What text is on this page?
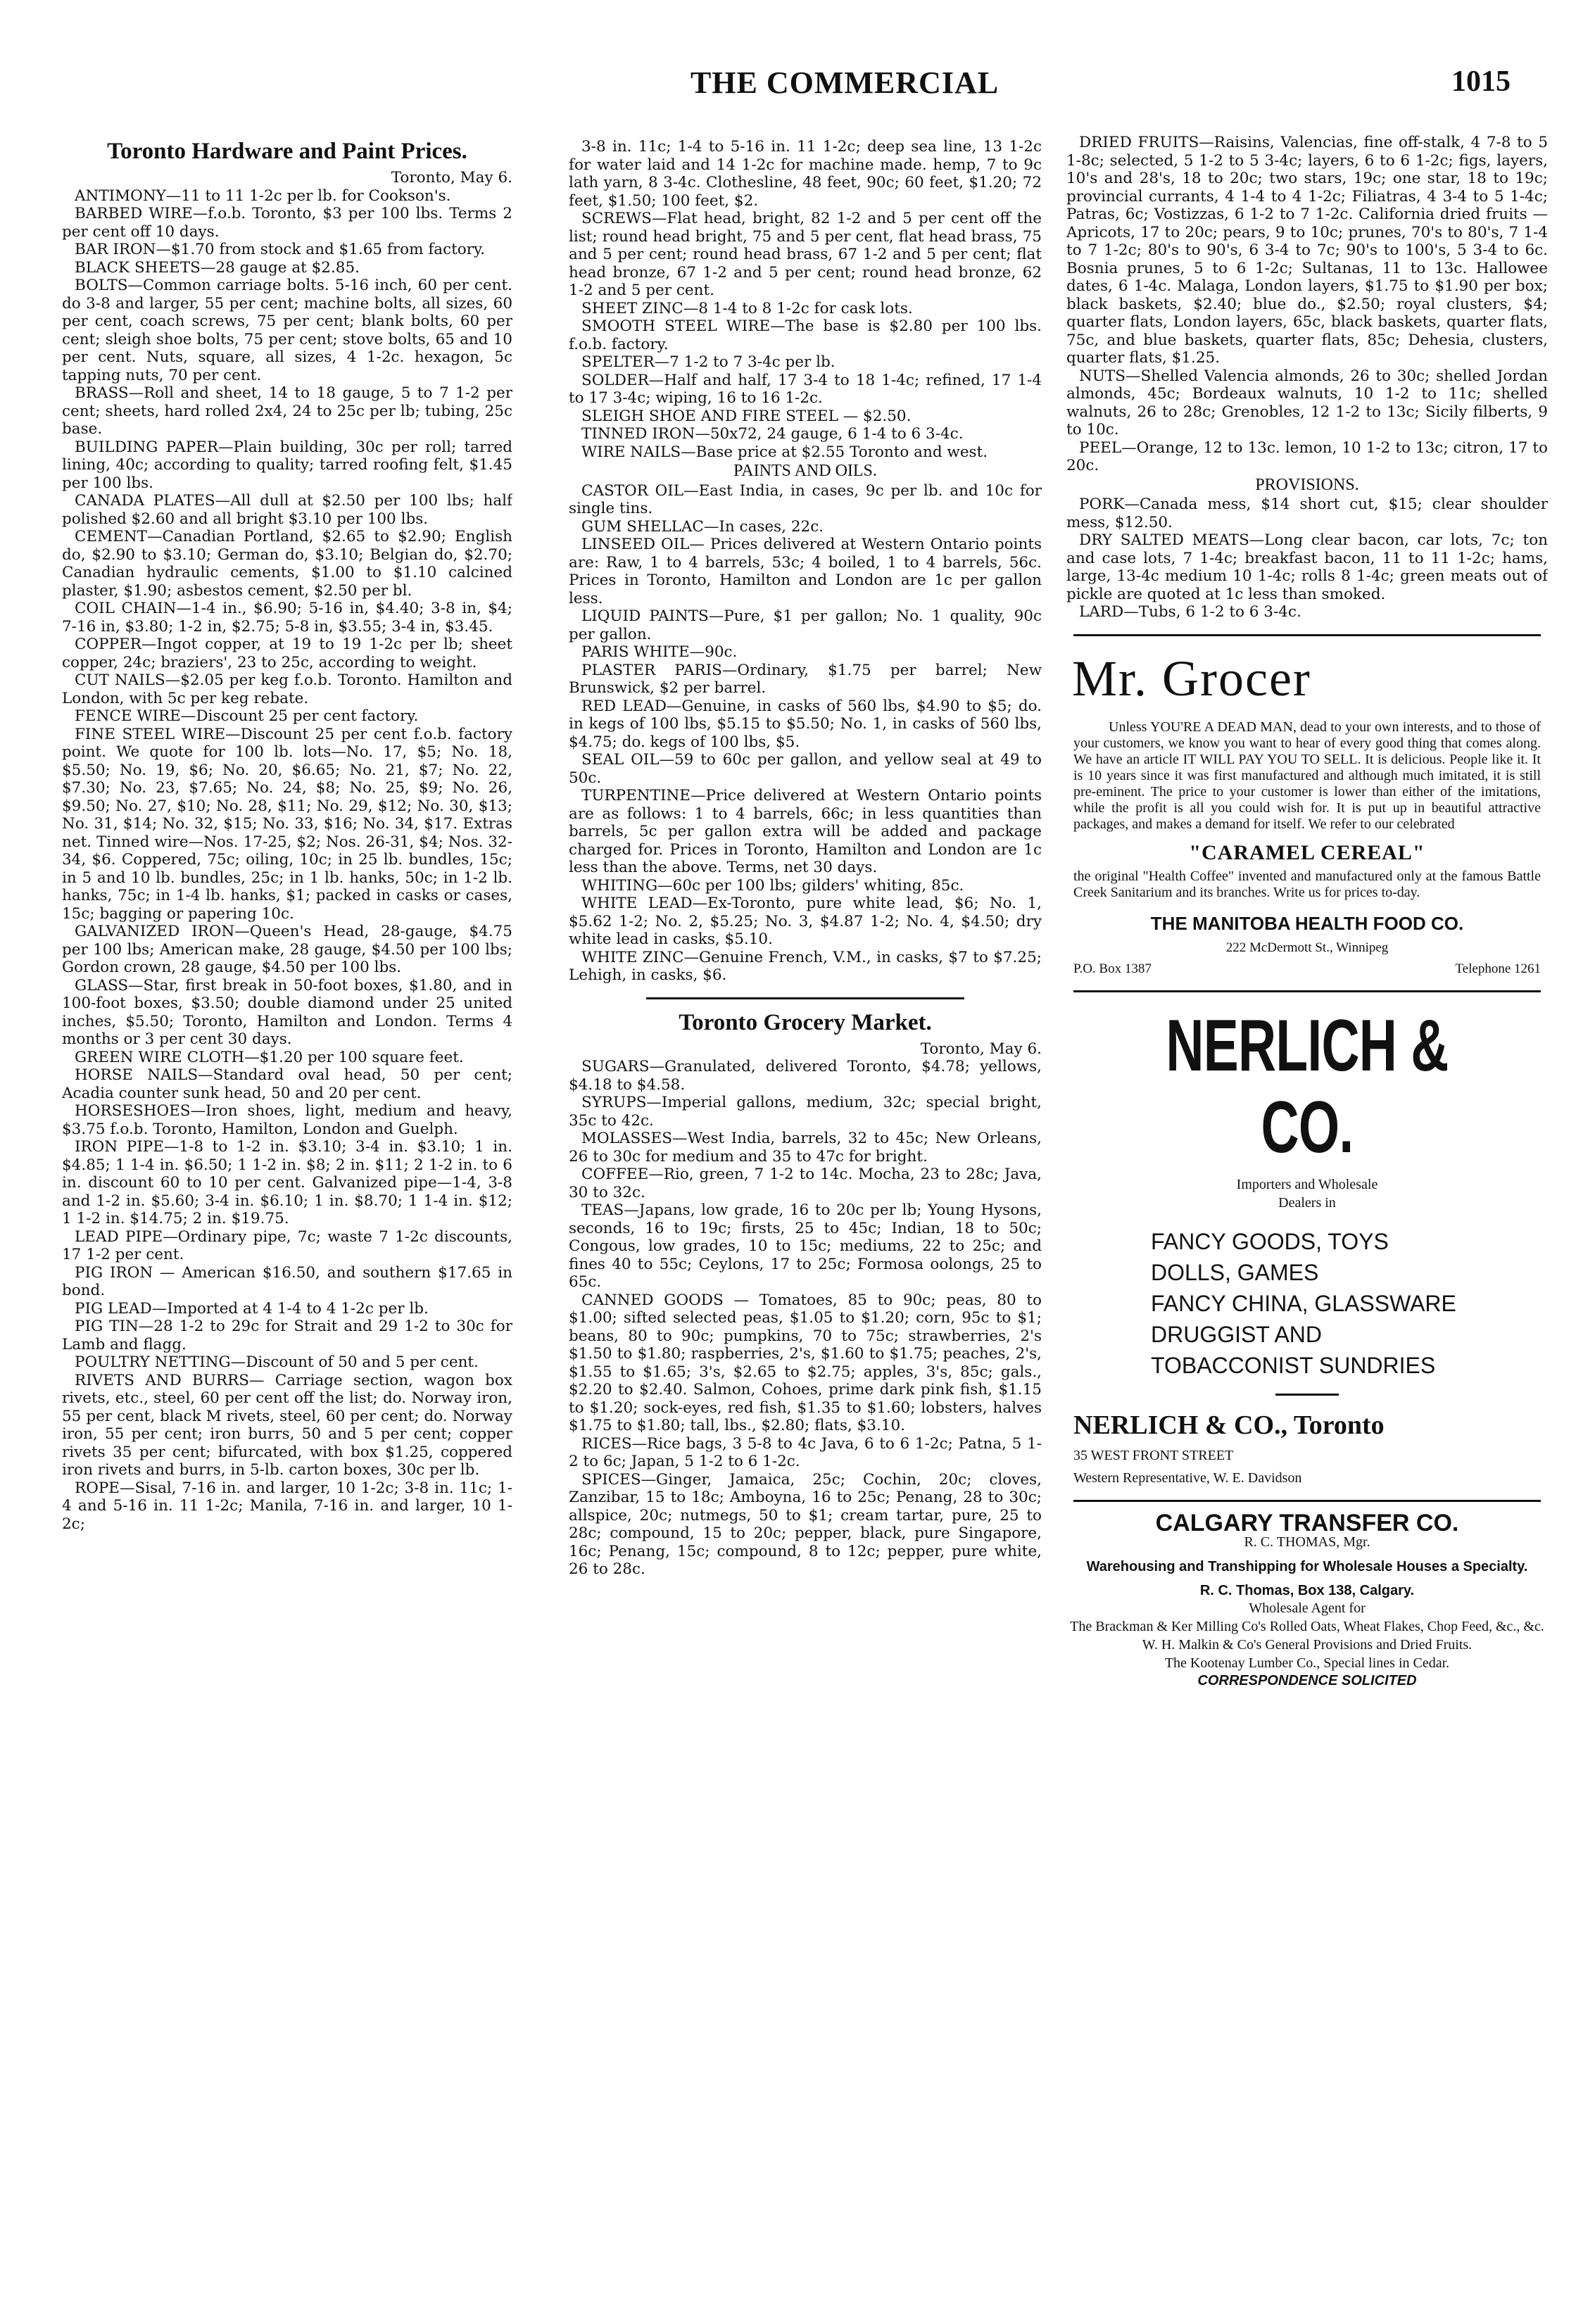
THE COMMERCIAL	1015
Toronto Hardware and Paint Prices.

Toronto, May 6.

ANTIMONY—11 to 11 1-2c per lb. for Cookson's.

BARBED WIRE—f.o.b. Toronto, $3 per 100 lbs. Terms 2 per cent off 10 days.

BAR IRON—$1.70 from stock and $1.65 from factory.

BLACK SHEETS—28 gauge at $2.85.

BOLTS—Common carriage bolts. 5-16 inch, 60 per cent. do 3-8 and larger, 55 per cent; machine bolts, all sizes, 60 per cent, coach screws, 75 per cent; blank bolts, 60 per cent; sleigh shoe bolts, 75 per cent; stove bolts, 65 and 10 per cent. Nuts, square, all sizes, 4 1-2c. hexagon, 5c tapping nuts, 70 per cent.

BRASS—Roll and sheet, 14 to 18 gauge, 5 to 7 1-2 per cent; sheets, hard rolled 2x4, 24 to 25c per lb; tubing, 25c base.

BUILDING PAPER—Plain building, 30c per roll; tarred lining, 40c; according to quality; tarred roofing felt, $1.45 per 100 lbs.

CANADA PLATES—All dull at $2.50 per 100 lbs; half polished $2.60 and all bright $3.10 per 100 lbs.

CEMENT—Canadian Portland, $2.65 to $2.90; English do, $2.90 to $3.10; German do, $3.10; Belgian do, $2.70; Canadian hydraulic cements, $1.00 to $1.10 calcined plaster, $1.90; asbestos cement, $2.50 per bl.

COIL CHAIN—1-4 in., $6.90; 5-16 in, $4.40; 3-8 in, $4; 7-16 in, $3.80; 1-2 in, $2.75; 5-8 in, $3.55; 3-4 in, $3.45.

COPPER—Ingot copper, at 19 to 19 1-2c per lb; sheet copper, 24c; braziers', 23 to 25c, according to weight.

CUT NAILS—$2.05 per keg f.o.b. Toronto. Hamilton and London, with 5c per keg rebate.

FENCE WIRE—Discount 25 per cent factory.

FINE STEEL WIRE—Discount 25 per cent f.o.b. factory point. We quote for 100 lb. lots—No. 17, $5; No. 18, $5.50; No. 19, $6; No. 20, $6.65; No. 21, $7; No. 22, $7.30; No. 23, $7.65; No. 24, $8; No. 25, $9; No. 26, $9.50; No. 27, $10; No. 28, $11; No. 29, $12; No. 30, $13; No. 31, $14; No. 32, $15; No. 33, $16; No. 34, $17. Extras net. Tinned wire—Nos. 17-25, $2; Nos. 26-31, $4; Nos. 32-34, $6. Coppered, 75c; oiling, 10c; in 25 lb. bundles, 15c; in 5 and 10 lb. bundles, 25c; in 1 lb. hanks, 50c; in 1-2 lb. hanks, 75c; in 1-4 lb. hanks, $1; packed in casks or cases, 15c; bagging or papering 10c.

GALVANIZED IRON—Queen's Head, 28-gauge, $4.75 per 100 lbs; American make, 28 gauge, $4.50 per 100 lbs; Gordon crown, 28 gauge, $4.50 per 100 lbs.

GLASS—Star, first break in 50-foot boxes, $1.80, and in 100-foot boxes, $3.50; double diamond under 25 united inches, $5.50; Toronto, Hamilton and London. Terms 4 months or 3 per cent 30 days.

GREEN WIRE CLOTH—$1.20 per 100 square feet.

HORSE NAILS—Standard oval head, 50 per cent; Acadia counter sunk head, 50 and 20 per cent.

HORSESHOES—Iron shoes, light, medium and heavy, $3.75 f.o.b. Toronto, Hamilton, London and Guelph.

IRON PIPE—1-8 to 1-2 in. $3.10; 3-4 in. $3.10; 1 in. $4.85; 1 1-4 in. $6.50; 1 1-2 in. $8; 2 in. $11; 2 1-2 in. to 6 in. discount 60 to 10 per cent. Galvanized pipe—1-4, 3-8 and 1-2 in. $5.60; 3-4 in. $6.10; 1 in. $8.70; 1 1-4 in. $12; 1 1-2 in. $14.75; 2 in. $19.75.

LEAD PIPE—Ordinary pipe, 7c; waste 7 1-2c discounts, 17 1-2 per cent.

PIG IRON — American $16.50, and southern $17.65 in bond.

PIG LEAD—Imported at 4 1-4 to 4 1-2c per lb.

PIG TIN—28 1-2 to 29c for Strait and 29 1-2 to 30c for Lamb and flagg.

POULTRY NETTING—Discount of 50 and 5 per cent.

RIVETS AND BURRS— Carriage section, wagon box rivets, etc., steel, 60 per cent off the list; do. Norway iron, 55 per cent, black M rivets, steel, 60 per cent; do. Norway iron, 55 per cent; iron burrs, 50 and 5 per cent; copper rivets 35 per cent; bifurcated, with box $1.25, coppered iron rivets and burrs, in 5-lb. carton boxes, 30c per lb.

ROPE—Sisal, 7-16 in. and larger, 10 1-2c; 3-8 in. 11c; 1-4 and 5-16 in. 11 1-2c; Manila, 7-16 in. and larger, 10 1-2c;

3-8 in. 11c; 1-4 to 5-16 in. 11 1-2c; deep sea line, 13 1-2c for water laid and 14 1-2c for machine made. hemp, 7 to 9c lath yarn, 8 3-4c. Clothesline, 48 feet, 90c; 60 feet, $1.20; 72 feet, $1.50; 100 feet, $2.

SCREWS—Flat head, bright, 82 1-2 and 5 per cent off the list; round head bright, 75 and 5 per cent, flat head brass, 75 and 5 per cent; round head brass, 67 1-2 and 5 per cent; flat head bronze, 67 1-2 and 5 per cent; round head bronze, 62 1-2 and 5 per cent.

SHEET ZINC—8 1-4 to 8 1-2c for cask lots.

SMOOTH STEEL WIRE—The base is $2.80 per 100 lbs. f.o.b. factory.

SPELTER—7 1-2 to 7 3-4c per lb.

SOLDER—Half and half, 17 3-4 to 18 1-4c; refined, 17 1-4 to 17 3-4c; wiping, 16 to 16 1-2c.

SLEIGH SHOE AND FIRE STEEL — $2.50.

TINNED IRON—50x72, 24 gauge, 6 1-4 to 6 3-4c.

WIRE NAILS—Base price at $2.55 Toronto and west.

PAINTS AND OILS.

CASTOR OIL—East India, in cases, 9c per lb. and 10c for single tins.

GUM SHELLAC—In cases, 22c.

LINSEED OIL— Prices delivered at Western Ontario points are: Raw, 1 to 4 barrels, 53c; 4 boiled, 1 to 4 barrels, 56c. Prices in Toronto, Hamilton and London are 1c per gallon less.

LIQUID PAINTS—Pure, $1 per gallon; No. 1 quality, 90c per gallon.

PARIS WHITE—90c.

PLASTER PARIS—Ordinary, $1.75 per barrel; New Brunswick, $2 per barrel.

RED LEAD—Genuine, in casks of 560 lbs, $4.90 to $5; do. in kegs of 100 lbs, $5.15 to $5.50; No. 1, in casks of 560 lbs, $4.75; do. kegs of 100 lbs, $5.

SEAL OIL—59 to 60c per gallon, and yellow seal at 49 to 50c.

TURPENTINE—Price delivered at Western Ontario points are as follows: 1 to 4 barrels, 66c; in less quantities than barrels, 5c per gallon extra will be added and package charged for. Prices in Toronto, Hamilton and London are 1c less than the above. Terms, net 30 days.

WHITING—60c per 100 lbs; gilders' whiting, 85c.

WHITE LEAD—Ex-Toronto, pure white lead, $6; No. 1, $5.62 1-2; No. 2, $5.25; No. 3, $4.87 1-2; No. 4, $4.50; dry white lead in casks, $5.10.

WHITE ZINC—Genuine French, V.M., in casks, $7 to $7.25; Lehigh, in casks, $6.

Toronto Grocery Market.

Toronto, May 6.

SUGARS—Granulated, delivered Toronto, $4.78; yellows, $4.18 to $4.58.

SYRUPS—Imperial gallons, medium, 32c; special bright, 35c to 42c.

MOLASSES—West India, barrels, 32 to 45c; New Orleans, 26 to 30c for medium and 35 to 47c for bright.

COFFEE—Rio, green, 7 1-2 to 14c. Mocha, 23 to 28c; Java, 30 to 32c.

TEAS—Japans, low grade, 16 to 20c per lb; Young Hysons, seconds, 16 to 19c; firsts, 25 to 45c; Indian, 18 to 50c; Congous, low grades, 10 to 15c; mediums, 22 to 25c; and fines 40 to 55c; Ceylons, 17 to 25c; Formosa oolongs, 25 to 65c.

CANNED GOODS — Tomatoes, 85 to 90c; peas, 80 to $1.00; sifted selected peas, $1.05 to $1.20; corn, 95c to $1; beans, 80 to 90c; pumpkins, 70 to 75c; strawberries, 2's $1.50 to $1.80; raspberries, 2's, $1.60 to $1.75; peaches, 2's, $1.55 to $1.65; 3's, $2.65 to $2.75; apples, 3's, 85c; gals., $2.20 to $2.40. Salmon, Cohoes, prime dark pink fish, $1.15 to $1.20; sock-eyes, red fish, $1.35 to $1.60; lobsters, halves $1.75 to $1.80; tall, lbs., $2.80; flats, $3.10.

RICES—Rice bags, 3 5-8 to 4c Java, 6 to 6 1-2c; Patna, 5 1-2 to 6c; Japan, 5 1-2 to 6 1-2c.

SPICES—Ginger, Jamaica, 25c; Cochin, 20c; cloves, Zanzibar, 15 to 18c; Amboyna, 16 to 25c; Penang, 28 to 30c; allspice, 20c; nutmegs, 50 to $1; cream tartar, pure, 25 to 28c; compound, 15 to 20c; pepper, black, pure Singapore, 16c; Penang, 15c; compound, 8 to 12c; pepper, pure white, 26 to 28c.

DRIED FRUITS—Raisins, Valencias, fine off-stalk, 4 7-8 to 5 1-8c; selected, 5 1-2 to 5 3-4c; layers, 6 to 6 1-2c; figs, layers, 10's and 28's, 18 to 20c; two stars, 19c; one star, 18 to 19c; provincial currants, 4 1-4 to 4 1-2c; Filiatras, 4 3-4 to 5 1-4c; Patras, 6c; Vostizzas, 6 1-2 to 7 1-2c. California dried fruits —Apricots, 17 to 20c; pears, 9 to 10c; prunes, 70's to 80's, 7 1-4 to 7 1-2c; 80's to 90's, 6 3-4 to 7c; 90's to 100's, 5 3-4 to 6c. Bosnia prunes, 5 to 6 1-2c; Sultanas, 11 to 13c. Hallowee dates, 6 1-4c. Malaga, London layers, $1.75 to $1.90 per box; black baskets, $2.40; blue do., $2.50; royal clusters, $4; quarter flats, London layers, 65c, black baskets, quarter flats, 75c, and blue baskets, quarter flats, 85c; Dehesia, clusters, quarter flats, $1.25.

NUTS—Shelled Valencia almonds, 26 to 30c; shelled Jordan almonds, 45c; Bordeaux walnuts, 10 1-2 to 11c; shelled walnuts, 26 to 28c; Grenobles, 12 1-2 to 13c; Sicily filberts, 9 to 10c.

PEEL—Orange, 12 to 13c. lemon, 10 1-2 to 13c; citron, 17 to 20c.

PROVISIONS.

PORK—Canada mess, $14 short cut, $15; clear shoulder mess, $12.50.

DRY SALTED MEATS—Long clear bacon, car lots, 7c; ton and case lots, 7 1-4c; breakfast bacon, 11 to 11 1-2c; hams, large, 13-4c medium 10 1-4c; rolls 8 1-4c; green meats out of pickle are quoted at 1c less than smoked.

LARD—Tubs, 6 1-2 to 6 3-4c.

Mr. Grocer
Unless YOU'RE A DEAD MAN, dead to your own interests, and to those of your customers, we know you want to hear of every good thing that comes along. We have an article IT WILL PAY YOU TO SELL. It is delicious. People like it. It is 10 years since it was first manufactured and although much imitated, it is still pre-eminent. The price to your customer is lower than either of the imitations, while the profit is all you could wish for. It is put up in beautiful attractive packages, and makes a demand for itself. We refer to our celebrated
"CARAMEL CEREAL"
the original "Health Coffee" invented and manufactured only at the famous Battle Creek Sanitarium and its branches. Write us for prices to-day.
THE MANITOBA HEALTH FOOD CO.
222 McDermott St., Winnipeg
P.O. Box 1387	Telephone 1261
NERLICH & CO.
Importers and Wholesale
Dealers in
FANCY GOODS, TOYS
DOLLS, GAMES
FANCY CHINA, GLASSWARE
DRUGGIST AND
TOBACCONIST SUNDRIES
NERLICH & CO., Toronto
35 WEST FRONT STREET
Western Representative, W. E. Davidson
CALGARY TRANSFER CO.
R. C. THOMAS, Mgr.
Warehousing and Transhipping for Wholesale Houses a Specialty.
R. C. Thomas, Box 138, Calgary.
Wholesale Agent for
The Brackman & Ker Milling Co's Rolled Oats, Wheat Flakes, Chop Feed, &c., &c.
W. H. Malkin & Co's General Provisions and Dried Fruits.
The Kootenay Lumber Co., Special lines in Cedar.
CORRESPONDENCE SOLICITED
